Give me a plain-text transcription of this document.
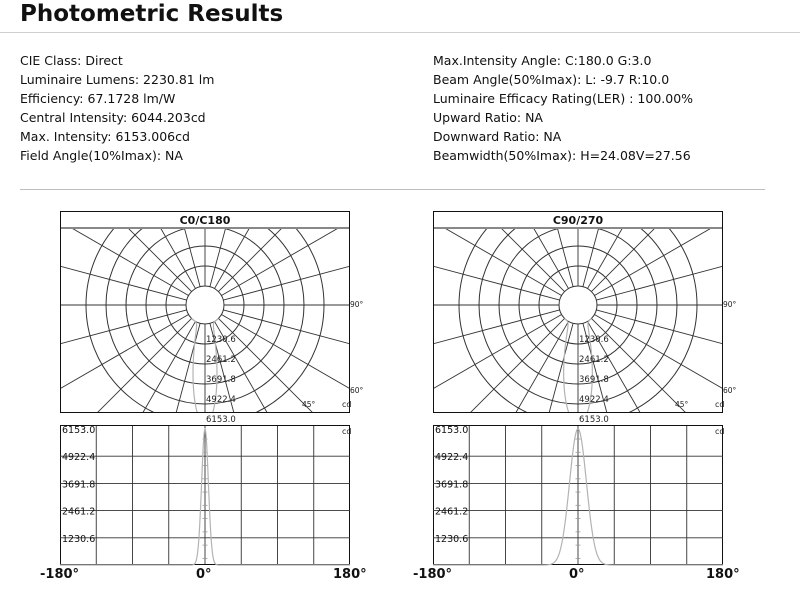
Photometric Results
CIE Class: Direct
Luminaire Lumens: 2230.81 lm
Efficiency: 67.1728 lm/W
Central Intensity: 6044.203cd
Max. Intensity: 6153.006cd
Field Angle(10%Imax): NA
Max.Intensity Angle: C:180.0 G:3.0
Beam Angle(50%Imax): L: -9.7 R:10.0
Luminaire Efficacy Rating(LER) : 100.00%
Upward Ratio: NA
Downward Ratio: NA
Beamwidth(50%Imax): H=24.08V=27.56
C0/C180
1230.6
2461.2
3691.8
4922.4
6153.0
90°
60°
45°	cd
C90/270
1230.6
2461.2
3691.8
4922.4
6153.0
90°
60°
45°	cd
1230.6
2461.2
3691.8
4922.4
6153.0	cd
1230.6
2461.2
3691.8
4922.4
6153.0	cd
-180°	0°	180°	-180°	0°	180°
